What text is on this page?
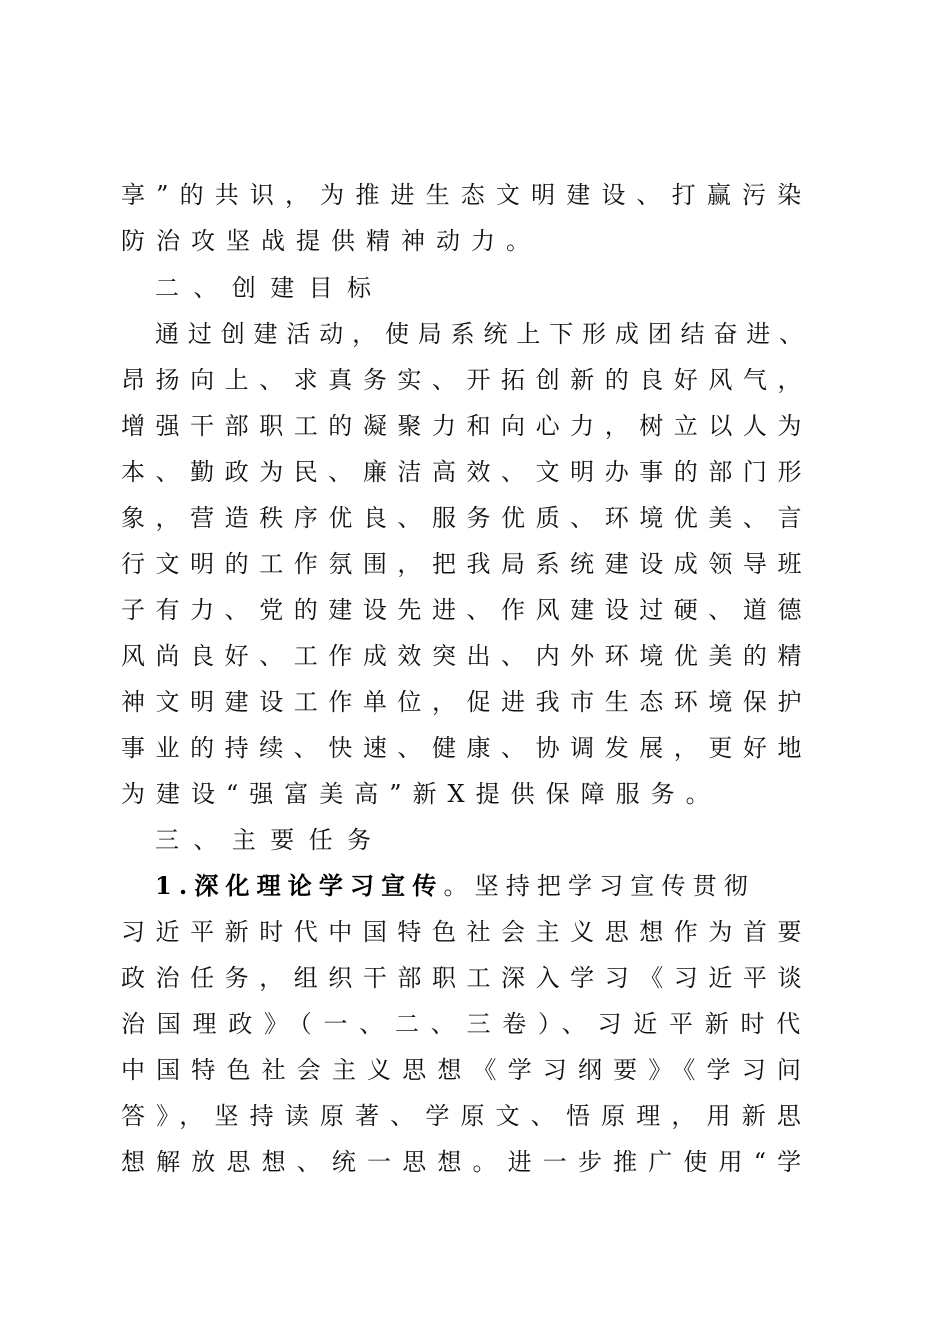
享”的共识，为推进生态文明建设、打赢污染
防治攻坚战提供精神动力。
二、创建目标
通过创建活动，使局系统上下形成团结奋进、
昂扬向上、求真务实、开拓创新的良好风气，
增强干部职工的凝聚力和向心力，树立以人为
本、勤政为民、廉洁高效、文明办事的部门形
象，营造秩序优良、服务优质、环境优美、言
行文明的工作氛围，把我局系统建设成领导班
子有力、党的建设先进、作风建设过硬、道德
风尚良好、工作成效突出、内外环境优美的精
神文明建设工作单位，促进我市生态环境保护
事业的持续、快速、健康、协调发展，更好地
为建设“强富美高”新X提供保障服务。
三、主要任务
1.深化理论学习宣传。坚持把学习宣传贯彻
习近平新时代中国特色社会主义思想作为首要
政治任务，组织干部职工深入学习《习近平谈
治国理政》（一、二、三卷）、习近平新时代
中国特色社会主义思想《学习纲要》《学习问
答》，坚持读原著、学原文、悟原理，用新思
想解放思想、统一思想。进一步推广使用“学
